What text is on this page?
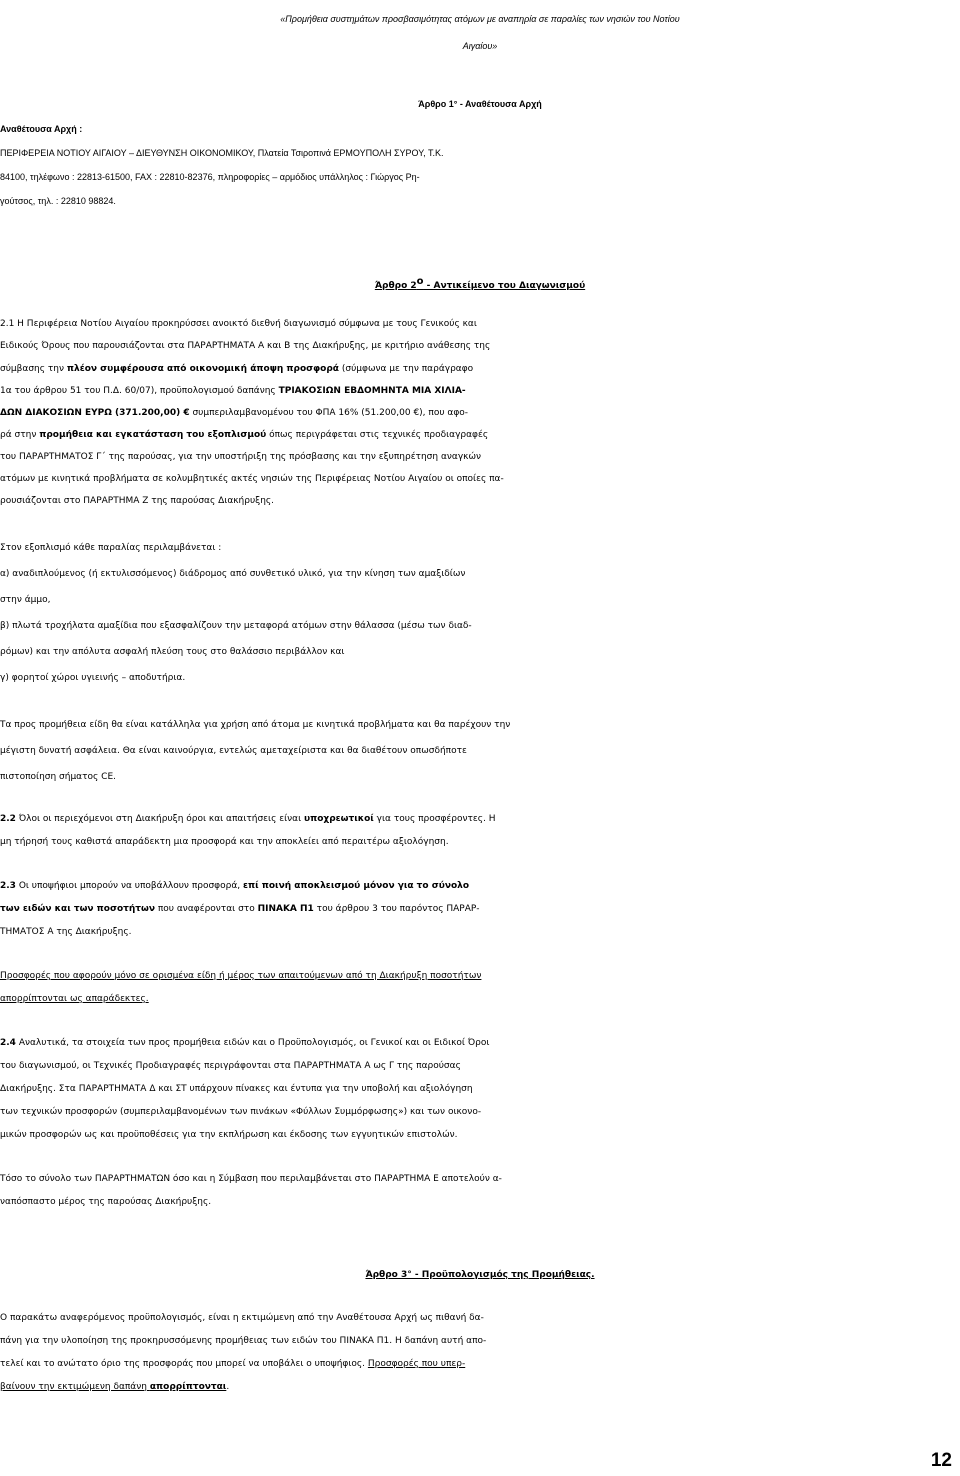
«Προμήθεια συστημάτων προσβασιμότητας ατόμων με αναπηρία σε παραλίες των νησιών του Νοτίου
Αιγαίου»
Άρθρο 1° - Αναθέτουσα Αρχή
Αναθέτουσα Αρχή :
ΠΕΡΙΦΕΡΕΙΑ ΝΟΤΙΟΥ ΑΙΓΑΙΟΥ – ΔΙΕΥΘΥΝΣΗ ΟΙΚΟΝΟΜΙΚΟΥ, Πλατεία Τσιροπινά ΕΡΜΟΥΠΟΛΗ ΣΥΡΟΥ, Τ.Κ.
84100, τηλέφωνο : 22813-61500, FAX : 22810-82376, πληροφορίες – αρμόδιος υπάλληλος : Γιώργος Ρη-
γούτσος, τηλ. : 22810 98824.
Άρθρο $2^o$ - Αντικείμενο του Διαγωνισμού
2.1 Η Περιφέρεια Νοτίου Αιγαίου προκηρύσσει ανοικτό διεθνή διαγωνισμό σύμφωνα με τους Γενικούς και
Ειδικούς Όρους που παρουσιάζονται στα ΠΑΡΑΡΤΗΜΑΤΑ Α και Β της Διακήρυξης, με κριτήριο ανάθεσης της
σύμβασης την πλέον συμφέρουσα από οικονομική άποψη προσφορά (σύμφωνα με την παράγραφο
1α του άρθρου 51 του Π.Δ. 60/07), προϋπολογισμού δαπάνης ΤΡΙΑΚΟΣΙΩΝ ΕΒΔΟΜΗΝΤΑ ΜΙΑ ΧΙΛΙΑ-
ΔΩΝ ΔΙΑΚΟΣΙΩΝ ΕΥΡΩ (371.200,00) € συμπεριλαμβανομένου του ΦΠΑ 16% (51.200,00 €), που αφο-
ρά στην προμήθεια και εγκατάσταση του εξοπλισμού όπως περιγράφεται στις τεχνικές προδιαγραφές
του ΠΑΡΑΡΤΗΜΑΤΟΣ Γ΄ της παρούσας, για την υποστήριξη της πρόσβασης και την εξυπηρέτηση αναγκών
ατόμων με κινητικά προβλήματα σε κολυμβητικές ακτές νησιών της Περιφέρειας Νοτίου Αιγαίου οι οποίες πα-
ρουσιάζονται στο ΠΑΡΑΡΤΗΜΑ Ζ της παρούσας Διακήρυξης.
Στον εξοπλισμό κάθε παραλίας περιλαμβάνεται :
α) αναδιπλούμενος (ή εκτυλισσόμενος) διάδρομος από συνθετικό υλικό, για την κίνηση των αμαξιδίων
στην άμμο,
β) πλωτά τροχήλατα αμαξίδια που εξασφαλίζουν την μεταφορά ατόμων στην θάλασσα (μέσω των διαδ-
ρόμων) και την απόλυτα ασφαλή πλεύση τους στο θαλάσσιο περιβάλλον και
γ) φορητοί χώροι υγιεινής – αποδυτήρια.
Τα προς προμήθεια είδη θα είναι κατάλληλα για χρήση από άτομα με κινητικά προβλήματα και θα παρέχουν την
μέγιστη δυνατή ασφάλεια. Θα είναι καινούργια, εντελώς αμεταχείριστα και θα διαθέτουν οπωσδήποτε
πιστοποίηση σήματος CE.
2.2 Όλοι οι περιεχόμενοι στη Διακήρυξη όροι και απαιτήσεις είναι υποχρεωτικοί για τους προσφέροντες. Η
μη τήρησή τους καθιστά απαράδεκτη μια προσφορά και την αποκλείει από περαιτέρω αξιολόγηση.
2.3 Οι υποψήφιοι μπορούν να υποβάλλουν προσφορά, επί ποινή αποκλεισμού μόνον για το σύνολο
των ειδών και των ποσοτήτων που αναφέρονται στο ΠΙΝΑΚΑ Π1 του άρθρου 3 του παρόντος ΠΑΡΑΡ-
ΤΗΜΑΤΟΣ Α της Διακήρυξης.
Προσφορές που αφορούν μόνο σε ορισμένα είδη ή μέρος των απαιτούμενων από τη Διακήρυξη ποσοτήτων
απορρίπτονται ως απαράδεκτες.
2.4 Αναλυτικά, τα στοιχεία των προς προμήθεια ειδών και ο Προϋπολογισμός, οι Γενικοί και οι Ειδικοί Όροι
του διαγωνισμού, οι Τεχνικές Προδιαγραφές περιγράφονται στα ΠΑΡΑΡΤΗΜΑΤΑ Α ως Γ της παρούσας
Διακήρυξης. Στα ΠΑΡΑΡΤΗΜΑΤΑ Δ και ΣΤ υπάρχουν πίνακες και έντυπα για την υποβολή και αξιολόγηση
των τεχνικών προσφορών (συμπεριλαμβανομένων των πινάκων «Φύλλων Συμμόρφωσης») και των οικονο-
μικών προσφορών ως και προϋποθέσεις για την εκπλήρωση και έκδοσης των εγγυητικών επιστολών.
Τόσο το σύνολο των ΠΑΡΑΡΤΗΜΑΤΩΝ όσο και η Σύμβαση που περιλαμβάνεται στο ΠΑΡΑΡΤΗΜΑ Ε αποτελούν α-
ναπόσπαστο μέρος της παρούσας Διακήρυξης.
Άρθρο 3° - Προϋπολογισμός της Προμήθειας.
Ο παρακάτω αναφερόμενος προϋπολογισμός, είναι η εκτιμώμενη από την Αναθέτουσα Αρχή ως πιθανή δα-
πάνη για την υλοποίηση της προκηρυσσόμενης προμήθειας των ειδών του ΠΙΝΑΚΑ Π1. Η δαπάνη αυτή απο-
τελεί και το ανώτατο όριο της προσφοράς που μπορεί να υποβάλει ο υποψήφιος. Προσφορές που υπερ-
βαίνουν την εκτιμώμενη δαπάνη απορρίπτονται.
12
